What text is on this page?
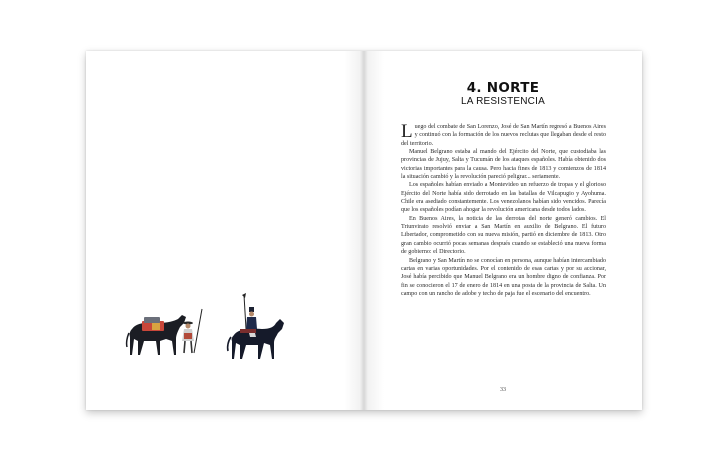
4. NORTE
LA RESISTENCIA

Luego del combate de San Lorenzo, José de San Martín regresó a Buenos Aires y continuó con la formación de los nuevos reclutas que llegaban desde el resto del territorio.

Manuel Belgrano estaba al mando del Ejército del Norte, que custodiaba las provincias de Jujuy, Salta y Tucumán de los ataques españoles. Había obtenido dos victorias importantes para la causa. Pero hacia fines de 1813 y comienzos de 1814 la situación cambió y la revolución pareció peligrar... seriamente.

Los españoles habían enviado a Montevideo un refuerzo de tropas y el glorioso Ejército del Norte había sido derrotado en las batallas de Vilcapugio y Ayohuma. Chile era asediado constantemente. Los venezolanos habían sido vencidos. Parecía que los españoles podían ahogar la revolución americana desde todos lados.

En Buenos Aires, la noticia de las derrotas del norte generó cambios. El Triunvirato resolvió enviar a San Martín en auxilio de Belgrano. El futuro Libertador, comprometido con su nueva misión, partió en diciembre de 1813. Otro gran cambio ocurrió pocas semanas después cuando se estableció una nueva forma de gobierno: el Directorio.

Belgrano y San Martín no se conocían en persona, aunque habían intercambiado cartas en varias oportunidades. Por el contenido de esas cartas y por su accionar, José había percibido que Manuel Belgrano era un hombre digno de confianza. Por fin se conocieron el 17 de enero de 1814 en una posta de la provincia de Salta. Un campo con un rancho de adobe y techo de paja fue el escenario del encuentro.

33
